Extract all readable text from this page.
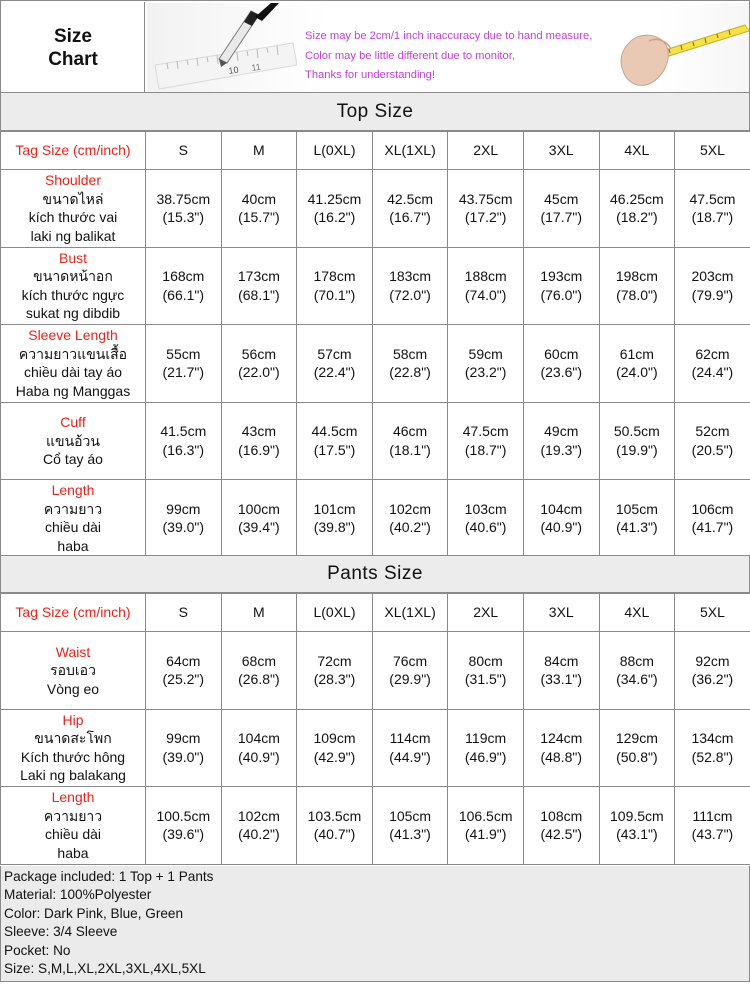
Size
Chart
10 11
Size may be 2cm/1 inch inaccuracy due to hand measure,
Color may be little different due to monitor,
Thanks for understanding!
Top Size
Tag Size (cm/inch)	S	M	L(0XL)	XL(1XL)	2XL	3XL	4XL	5XL

Shoulder
ขนาดไหล่
kích thước vai
laki ng balikat	38.75cm
(15.3")	40cm
(15.7")	41.25cm
(16.2")	42.5cm
(16.7")	43.75cm
(17.2")	45cm
(17.7")	46.25cm
(18.2")	47.5cm
(18.7")

Bust
ขนาดหน้าอก
kích thước ngực
sukat ng dibdib	168cm
(66.1")	173cm
(68.1")	178cm
(70.1")	183cm
(72.0")	188cm
(74.0")	193cm
(76.0")	198cm
(78.0")	203cm
(79.9")

Sleeve Length
ความยาวแขนเสื้อ
chiều dài tay áo
Haba ng Manggas	55cm
(21.7")	56cm
(22.0")	57cm
(22.4")	58cm
(22.8")	59cm
(23.2")	60cm
(23.6")	61cm
(24.0")	62cm
(24.4")

Cuff
แขนอ้วน
Cổ tay áo	41.5cm
(16.3")	43cm
(16.9")	44.5cm
(17.5")	46cm
(18.1")	47.5cm
(18.7")	49cm
(19.3")	50.5cm
(19.9")	52cm
(20.5")

Length
ความยาว
chiều dài
haba	99cm
(39.0")	100cm
(39.4")	101cm
(39.8")	102cm
(40.2")	103cm
(40.6")	104cm
(40.9")	105cm
(41.3")	106cm
(41.7")
Pants Size
Tag Size (cm/inch)	S	M	L(0XL)	XL(1XL)	2XL	3XL	4XL	5XL

Waist
รอบเอว
Vòng eo	64cm
(25.2")	68cm
(26.8")	72cm
(28.3")	76cm
(29.9")	80cm
(31.5")	84cm
(33.1")	88cm
(34.6")	92cm
(36.2")

Hip
ขนาดสะโพก
Kích thước hông
Laki ng balakang	99cm
(39.0")	104cm
(40.9")	109cm
(42.9")	114cm
(44.9")	119cm
(46.9")	124cm
(48.8")	129cm
(50.8")	134cm
(52.8")

Length
ความยาว
chiều dài
haba	100.5cm
(39.6")	102cm
(40.2")	103.5cm
(40.7")	105cm
(41.3")	106.5cm
(41.9")	108cm
(42.5")	109.5cm
(43.1")	111cm
(43.7")
Package included: 1 Top + 1 Pants
Material: 100%Polyester
Color: Dark Pink, Blue, Green
Sleeve: 3/4 Sleeve
Pocket: No
Size: S,M,L,XL,2XL,3XL,4XL,5XL
